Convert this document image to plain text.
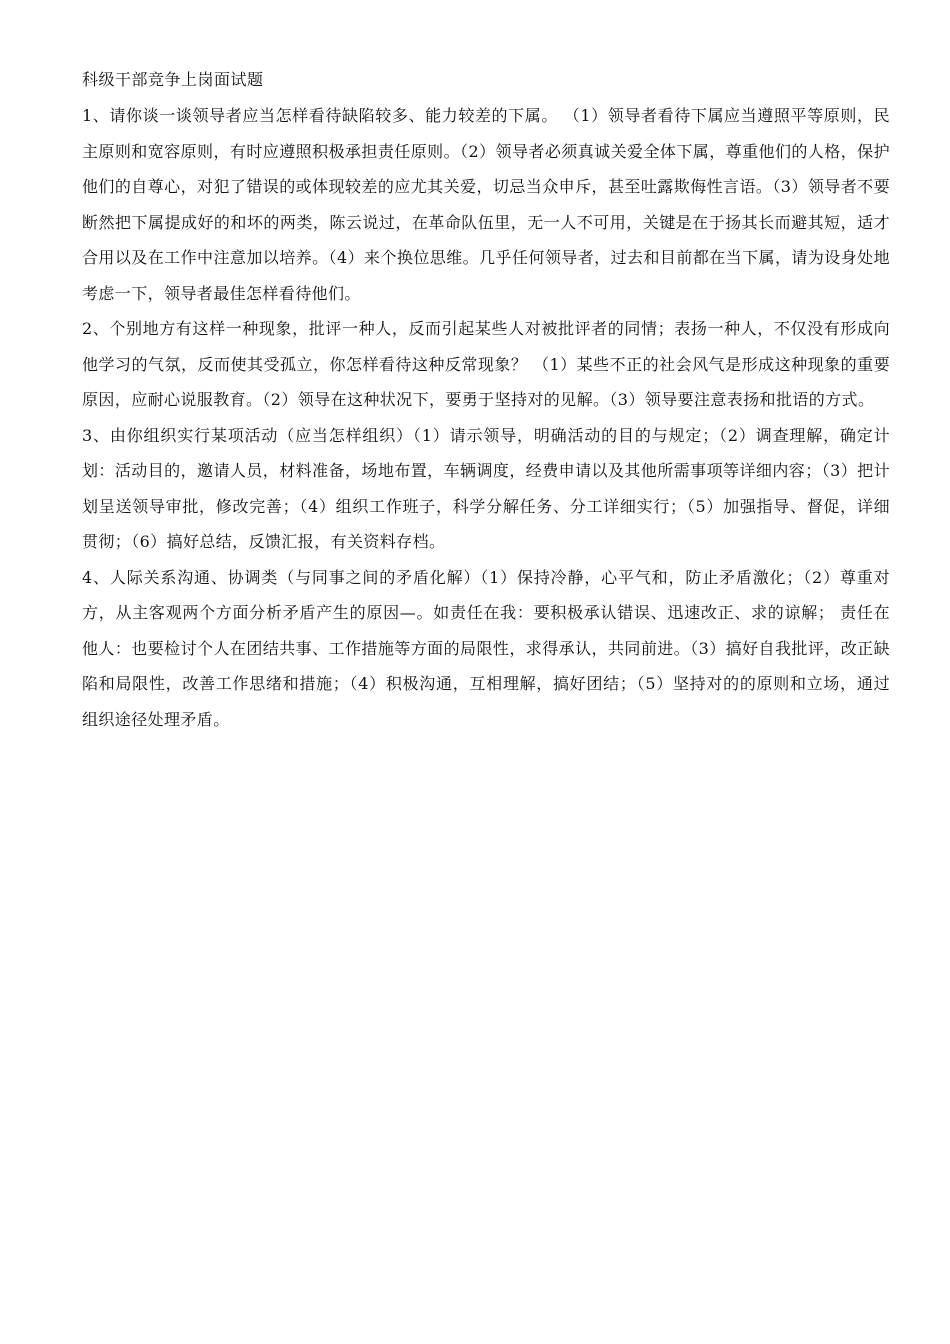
科级干部竞争上岗面试题

1、请你谈一谈领导者应当怎样看待缺陷较多、能力较差的下属。 （1）领导者看待下属应当遵照平等原则，民主原则和宽容原则，有时应遵照积极承担责任原则。（2）领导者必须真诚关爱全体下属，尊重他们的人格，保护他们的自尊心，对犯了错误的或体现较差的应尤其关爱，切忌当众申斥，甚至吐露欺侮性言语。（3）领导者不要断然把下属提成好的和坏的两类，陈云说过，在革命队伍里，无一人不可用，关键是在于扬其长而避其短，适才合用以及在工作中注意加以培养。（4）来个换位思维。几乎任何领导者，过去和目前都在当下属，请为设身处地考虑一下，领导者最佳怎样看待他们。

2、个别地方有这样一种现象，批评一种人，反而引起某些人对被批评者的同情；表扬一种人，不仅没有形成向他学习的气氛，反而使其受孤立，你怎样看待这种反常现象？ （1）某些不正的社会风气是形成这种现象的重要原因，应耐心说服教育。（2）领导在这种状况下，要勇于坚持对的见解。（3）领导要注意表扬和批语的方式。

3、由你组织实行某项活动（应当怎样组织）（1）请示领导，明确活动的目的与规定；（2）调查理解，确定计划：活动目的，邀请人员，材料准备，场地布置，车辆调度，经费申请以及其他所需事项等详细内容；（3）把计划呈送领导审批，修改完善；（4）组织工作班子，科学分解任务、分工详细实行；（5）加强指导、督促，详细贯彻；（6）搞好总结，反馈汇报，有关资料存档。

4、人际关系沟通、协调类（与同事之间的矛盾化解）（1）保持冷静，心平气和，防止矛盾激化；（2）尊重对方，从主客观两个方面分析矛盾产生的原因—。如责任在我：要积极承认错误、迅速改正、求的谅解； 责任在他人：也要检讨个人在团结共事、工作措施等方面的局限性，求得承认，共同前进。（3）搞好自我批评，改正缺陷和局限性，改善工作思绪和措施；（4）积极沟通，互相理解，搞好团结；（5）坚持对的的原则和立场，通过组织途径处理矛盾。
